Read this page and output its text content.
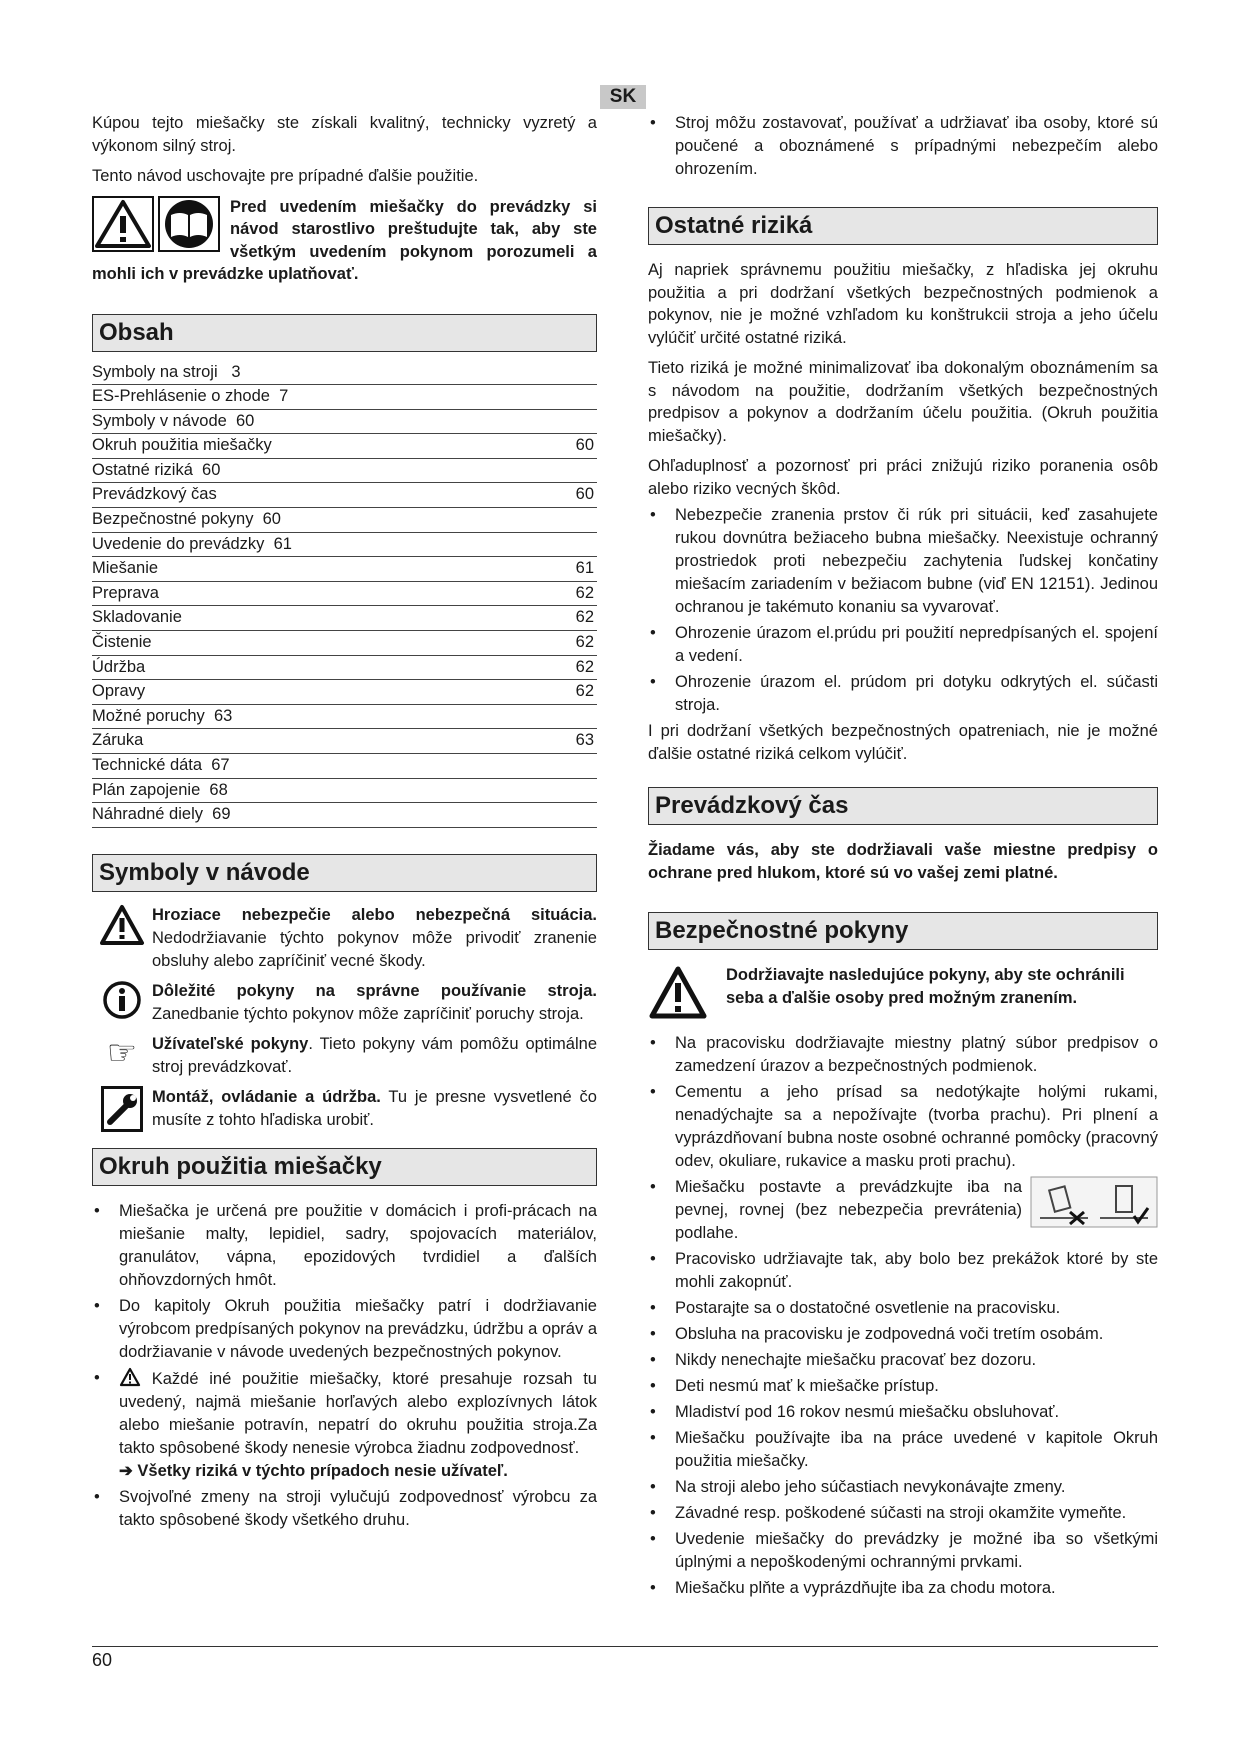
SK

Kúpou tejto miešačky ste získali kvalitný, technicky vyzretý a výkonom silný stroj.

Tento návod uschovajte pre prípadné ďalšie použitie.

Pred uvedením miešačky do prevádzky si návod starostlivo preštudujte tak, aby ste všetkým uvedením pokynom porozumeli a mohli ich v prevádzke uplatňovať.

Obsah
Symboly na stroji   3
ES-Prehlásenie o zhode  7
Symboly v návode  60
Okruh použitia miešačky	60
Ostatné riziká  60
Prevádzkový čas	60
Bezpečnostné pokyny  60
Uvedenie do prevádzky  61
Miešanie	61
Preprava	62
Skladovanie	62
Čistenie	62
Údržba	62
Opravy	62
Možné poruchy  63
Záruka	63
Technické dáta  67
Plán zapojenie  68
Náhradné diely  69
Symboly v návode
Hroziace nebezpečie alebo nebezpečná situácia. Nedodržiavanie týchto pokynov môže privodiť zranenie obsluhy alebo zapríčiniť vecné škody.
Dôležité pokyny na správne používanie stroja. Zanedbanie týchto pokynov môže zapríčiniť poruchy stroja.
☞ Užívateľské pokyny. Tieto pokyny vám pomôžu optimálne stroj prevádzkovať.
Montáž, ovládanie a údržba. Tu je presne vysvetlené čo musíte z tohto hľadiska urobiť.
Okruh použitia miešačky
• Miešačka je určená pre použitie v domácich i profi-prácach na miešanie malty, lepidiel, sadry, spojovacích materiálov, granulátov, vápna, epozidových tvrdidiel a ďalších ohňovzdorných hmôt.
• Do kapitoly Okruh použitia miešačky patrí i dodržiavanie výrobcom predpísaných pokynov na prevádzku, údržbu a opráv a dodržiavanie v návode uvedených bezpečnostných pokynov.
• Každé iné použitie miešačky, ktoré presahuje rozsah tu uvedený, najmä miešanie horľavých alebo explozívnych látok alebo miešanie potravín, nepatrí do okruhu použitia stroja.Za takto spôsobené škody nenesie výrobca žiadnu zodpovednosť.
➔ Všetky riziká v týchto prípadoch nesie užívateľ.
• Svojvoľné zmeny na stroji vylučujú zodpovednosť výrobcu za takto spôsobené škody všetkého druhu.
• Stroj môžu zostavovať, používať a udržiavať iba osoby, ktoré sú poučené a oboznámené s prípadnými nebezpečím alebo ohrozením.
Ostatné riziká

Aj napriek správnemu použitiu miešačky, z hľadiska jej okruhu použitia a pri dodržaní všetkých bezpečnostných podmienok a pokynov, nie je možné vzhľadom ku konštrukcii stroja a jeho účelu vylúčiť určité ostatné riziká.

Tieto riziká je možné minimalizovať iba dokonalým oboznámením sa s návodom na použitie, dodržaním všetkých bezpečnostných predpisov a pokynov a dodržaním účelu použitia. (Okruh použitia miešačky).

Ohľaduplnosť a pozornosť pri práci znižujú riziko poranenia osôb alebo riziko vecných škôd.

• Nebezpečie zranenia prstov či rúk pri situácii, keď zasahujete rukou dovnútra bežiaceho bubna miešačky. Neexistuje ochranný prostriedok proti nebezpečiu zachytenia ľudskej končatiny miešacím zariadením v bežiacom bubne (viď EN 12151). Jedinou ochranou je takémuto konaniu sa vyvarovať.
• Ohrozenie úrazom el.prúdu pri použití nepredpísaných el. spojení a vedení.
• Ohrozenie úrazom el. prúdom pri dotyku odkrytých el. súčasti stroja.

I pri dodržaní všetkých bezpečnostných opatreniach, nie je možné ďalšie ostatné riziká celkom vylúčiť.

Prevádzkový čas

Žiadame vás, aby ste dodržiavali vaše miestne predpisy o ochrane pred hlukom, ktoré sú vo vašej zemi platné.

Bezpečnostné pokyny

Dodržiavajte nasledujúce pokyny, aby ste ochránili seba a ďalšie osoby pred možným zranením.

• Na pracovisku dodržiavajte miestny platný súbor predpisov o zamedzení úrazov a bezpečnostných podmienok.
• Cementu a jeho prísad sa nedotýkajte holými rukami, nenadýchajte sa a nepožívajte (tvorba prachu). Pri plnení a vyprázdňovaní bubna noste osobné ochranné pomôcky (pracovný odev, okuliare, rukavice a masku proti prachu).
• Miešačku postavte a prevádzkujte iba na pevnej, rovnej (bez nebezpečia prevrátenia) podlahe.
• Pracovisko udržiavajte tak, aby bolo bez prekážok ktoré by ste mohli zakopnúť.
• Postarajte sa o dostatočné osvetlenie na pracovisku.
• Obsluha na pracovisku je zodpovedná voči tretím osobám.
• Nikdy nenechajte miešačku pracovať bez dozoru.
• Deti nesmú mať k miešačke prístup.
• Mladiství pod 16 rokov nesmú miešačku obsluhovať.
• Miešačku používajte iba na práce uvedené v kapitole Okruh použitia miešačky.
• Na stroji alebo jeho súčastiach nevykonávajte zmeny.
• Závadné resp. poškodené súčasti na stroji okamžite vymeňte.
• Uvedenie miešačky do prevádzky je možné iba so všetkými úplnými a nepoškodenými ochrannými prvkami.
• Miešačku plňte a vyprázdňujte iba za chodu motora.
60
